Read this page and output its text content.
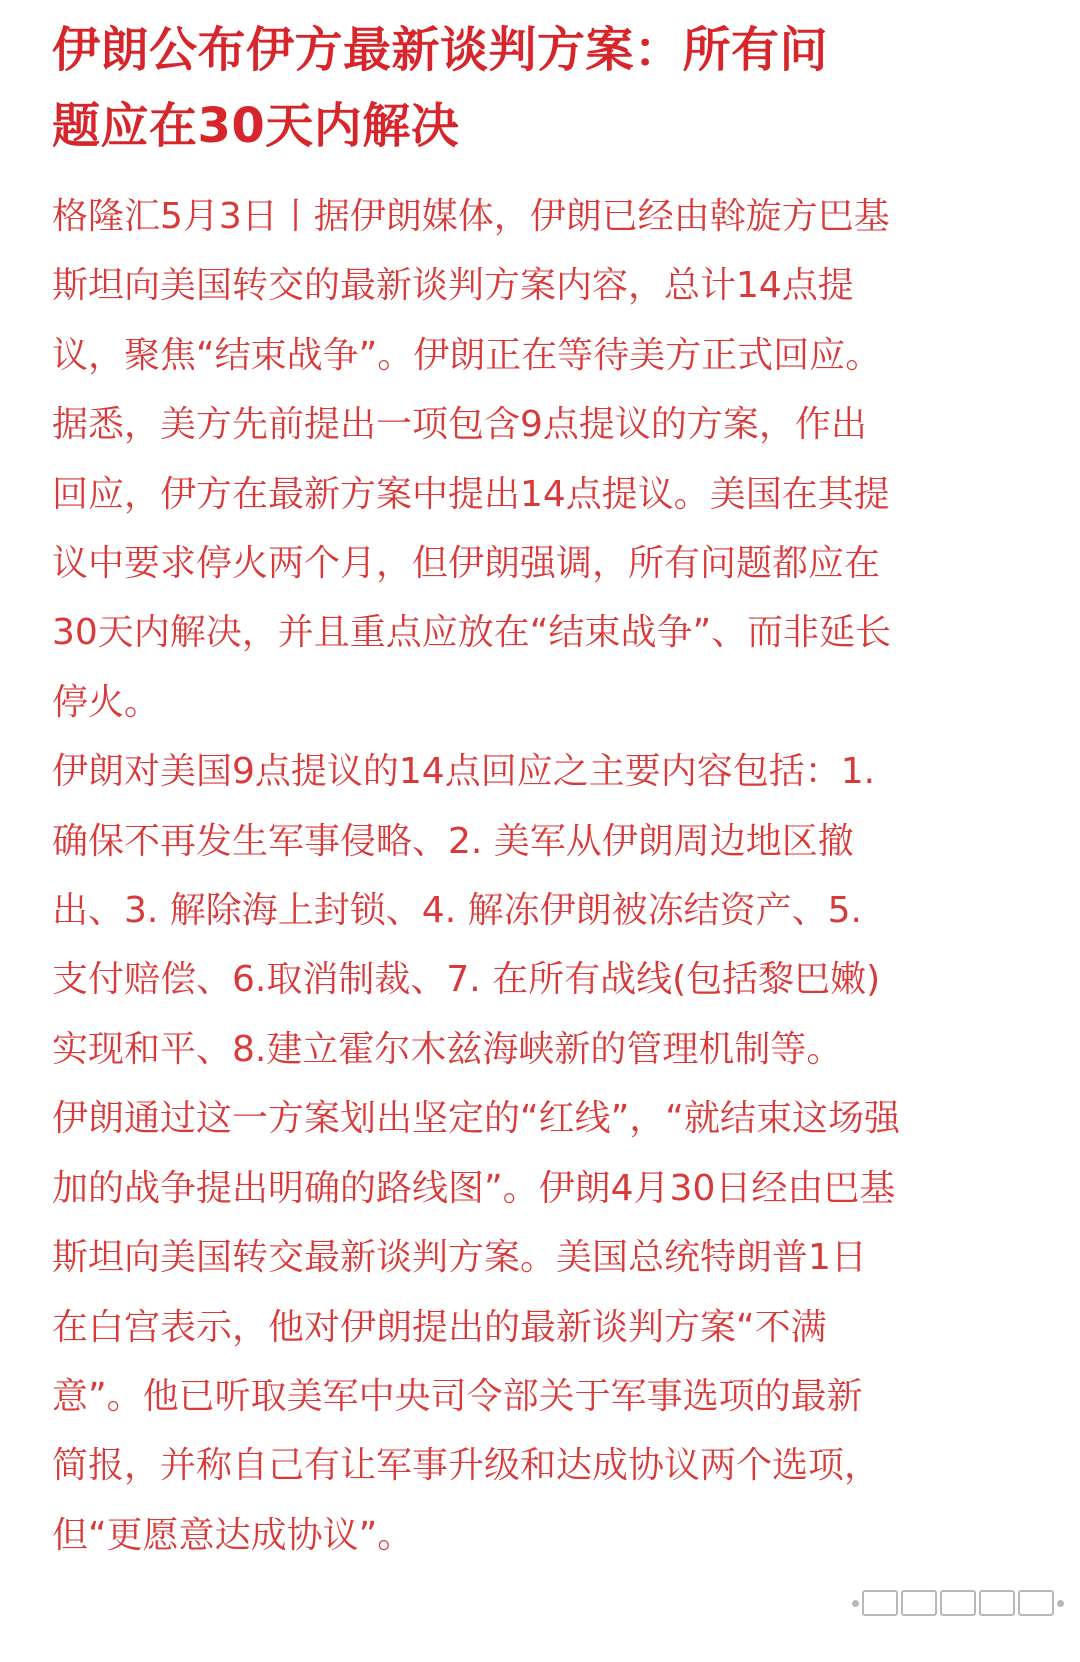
伊朗公布伊方最新谈判方案：所有问
题应在30天内解决
格隆汇5月3日丨据伊朗媒体，伊朗已经由斡旋方巴基
斯坦向美国转交的最新谈判方案内容，总计14点提
议，聚焦“结束战争”。伊朗正在等待美方正式回应。
据悉，美方先前提出一项包含9点提议的方案，作出
回应，伊方在最新方案中提出14点提议。美国在其提
议中要求停火两个月，但伊朗强调，所有问题都应在
30天内解决，并且重点应放在“结束战争”、而非延长
停火。
伊朗对美国9点提议的14点回应之主要内容包括：1.
确保不再发生军事侵略、2. 美军从伊朗周边地区撤
出、3. 解除海上封锁、4. 解冻伊朗被冻结资产、5.
支付赔偿、6.取消制裁、7. 在所有战线(包括黎巴嫩)
实现和平、8.建立霍尔木兹海峡新的管理机制等。
伊朗通过这一方案划出坚定的“红线”，“就结束这场强
加的战争提出明确的路线图”。伊朗4月30日经由巴基
斯坦向美国转交最新谈判方案。美国总统特朗普1日
在白宫表示，他对伊朗提出的最新谈判方案“不满
意”。他已听取美军中央司令部关于军事选项的最新
简报，并称自己有让军事升级和达成协议两个选项，
但“更愿意达成协议”。
